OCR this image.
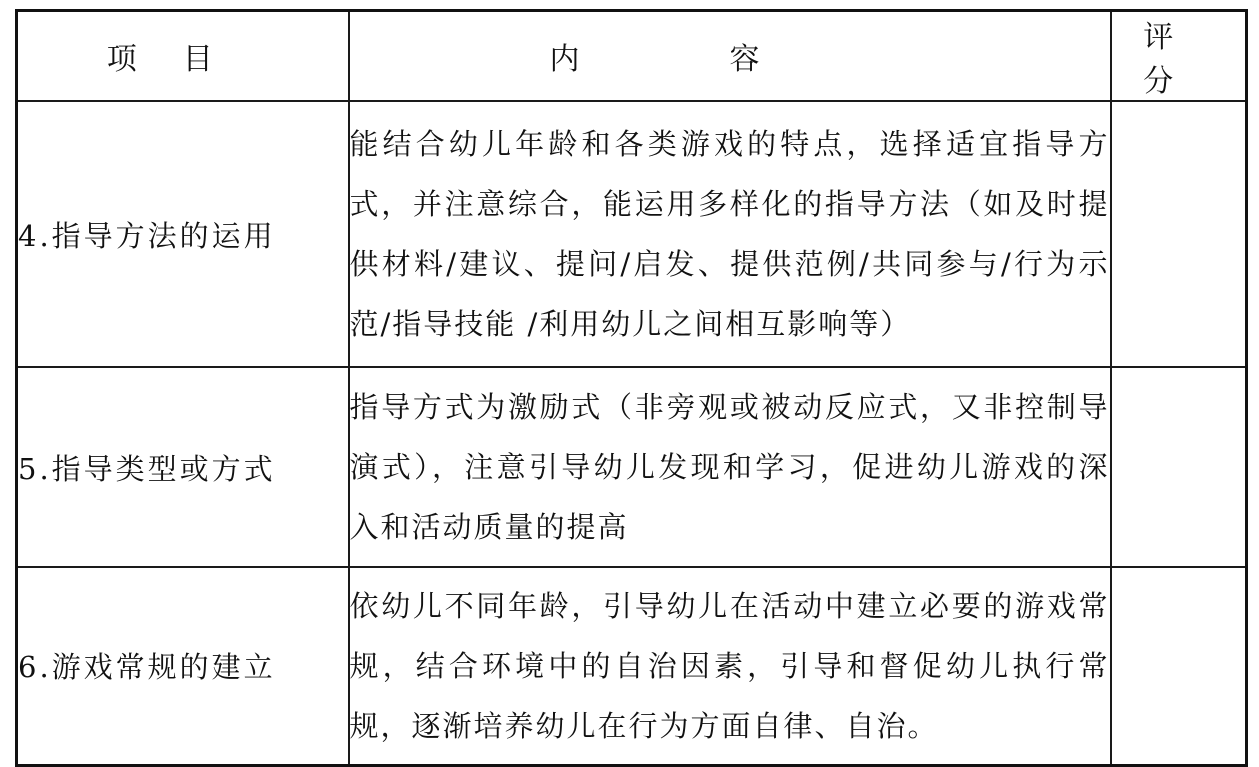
项目	内容	评分
4.指导方法的运用	能结合幼儿年龄和各类游戏的特点，选择适宜指导方式，并注意综合，能运用多样化的指导方法（如及时提供材料/建议、提问/启发、提供范例/共同参与/行为示范/指导技能 /利用幼儿之间相互影响等）	
5.指导类型或方式	指导方式为激励式（非旁观或被动反应式，又非控制导演式），注意引导幼儿发现和学习，促进幼儿游戏的深入和活动质量的提高	
6.游戏常规的建立	依幼儿不同年龄，引导幼儿在活动中建立必要的游戏常规，结合环境中的自治因素，引导和督促幼儿执行常规，逐渐培养幼儿在行为方面自律、自治。	
